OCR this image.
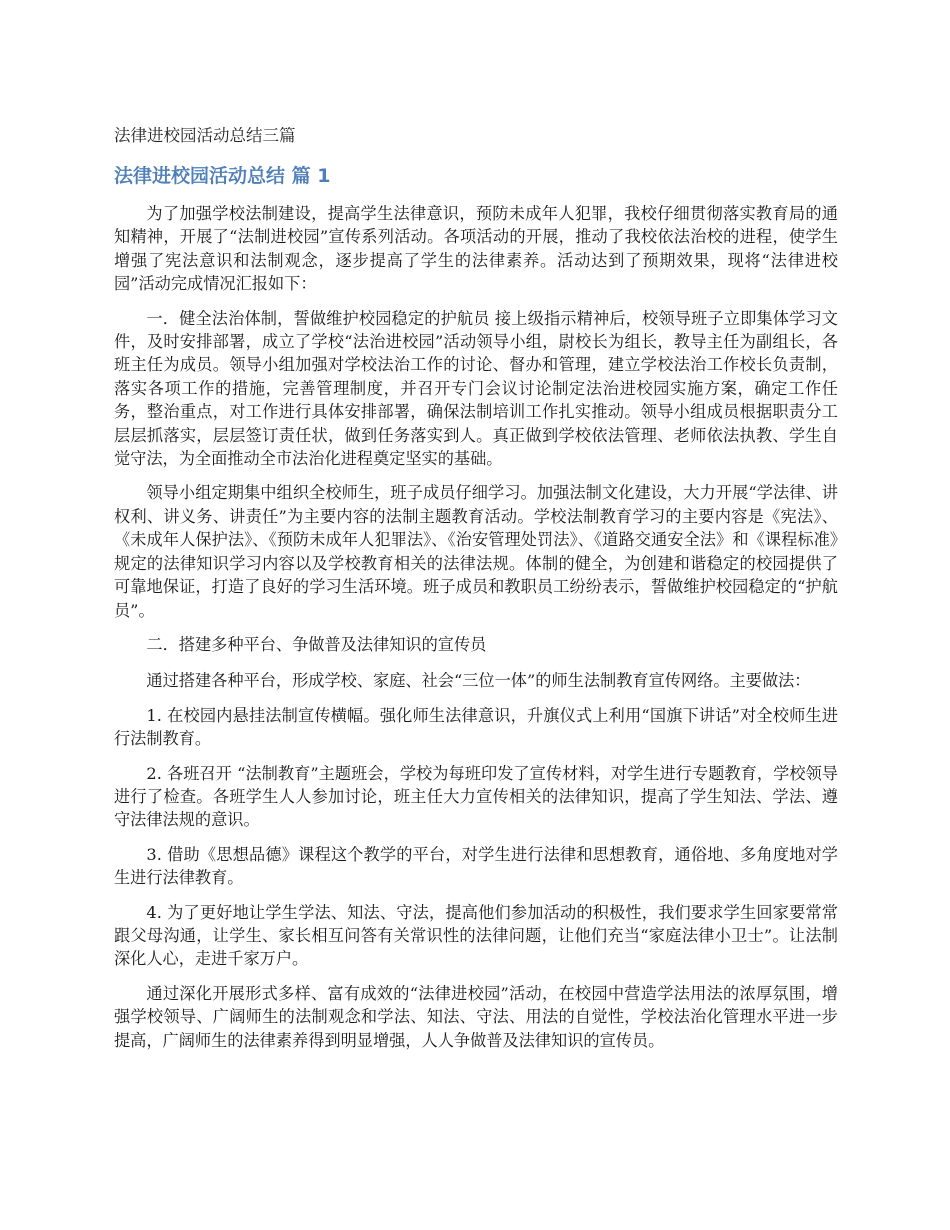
法律进校园活动总结三篇
法律进校园活动总结 篇 1

为了加强学校法制建设，提高学生法律意识，预防未成年人犯罪，我校仔细贯彻落实教育局的通知精神，开展了“法制进校园”宣传系列活动。各项活动的开展，推动了我校依法治校的进程，使学生增强了宪法意识和法制观念，逐步提高了学生的法律素养。活动达到了预期效果，现将“法律进校园”活动完成情况汇报如下：

一．健全法治体制，誓做维护校园稳定的护航员 接上级指示精神后，校领导班子立即集体学习文件，及时安排部署，成立了学校“法治进校园”活动领导小组，尉校长为组长，教导主任为副组长，各班主任为成员。领导小组加强对学校法治工作的讨论、督办和管理，建立学校法治工作校长负责制，落实各项工作的措施，完善管理制度，并召开专门会议讨论制定法治进校园实施方案，确定工作任务，整治重点，对工作进行具体安排部署，确保法制培训工作扎实推动。领导小组成员根据职责分工层层抓落实，层层签订责任状，做到任务落实到人。真正做到学校依法管理、老师依法执教、学生自觉守法，为全面推动全市法治化进程奠定坚实的基础。

领导小组定期集中组织全校师生，班子成员仔细学习。加强法制文化建设，大力开展“学法律、讲权利、讲义务、讲责任”为主要内容的法制主题教育活动。学校法制教育学习的主要内容是《宪法》、《未成年人保护法》、《预防未成年人犯罪法》、《治安管理处罚法》、《道路交通安全法》和《课程标准》规定的法律知识学习内容以及学校教育相关的法律法规。体制的健全，为创建和谐稳定的校园提供了可靠地保证，打造了良好的学习生活环境。班子成员和教职员工纷纷表示，誓做维护校园稳定的“护航员”。

二．搭建多种平台、争做普及法律知识的宣传员

通过搭建各种平台，形成学校、家庭、社会“三位一体”的师生法制教育宣传网络。主要做法：

1. 在校园内悬挂法制宣传横幅。强化师生法律意识，升旗仪式上利用“国旗下讲话”对全校师生进行法制教育。

2. 各班召开 “法制教育”主题班会，学校为每班印发了宣传材料，对学生进行专题教育，学校领导进行了检查。各班学生人人参加讨论，班主任大力宣传相关的法律知识，提高了学生知法、学法、遵守法律法规的意识。

3. 借助《思想品德》课程这个教学的平台，对学生进行法律和思想教育，通俗地、多角度地对学生进行法律教育。

4. 为了更好地让学生学法、知法、守法，提高他们参加活动的积极性，我们要求学生回家要常常跟父母沟通，让学生、家长相互问答有关常识性的法律问题，让他们充当“家庭法律小卫士”。让法制深化人心，走进千家万户。

通过深化开展形式多样、富有成效的“法律进校园”活动，在校园中营造学法用法的浓厚氛围，增强学校领导、广阔师生的法制观念和学法、知法、守法、用法的自觉性，学校法治化管理水平进一步提高，广阔师生的法律素养得到明显增强，人人争做普及法律知识的宣传员。
